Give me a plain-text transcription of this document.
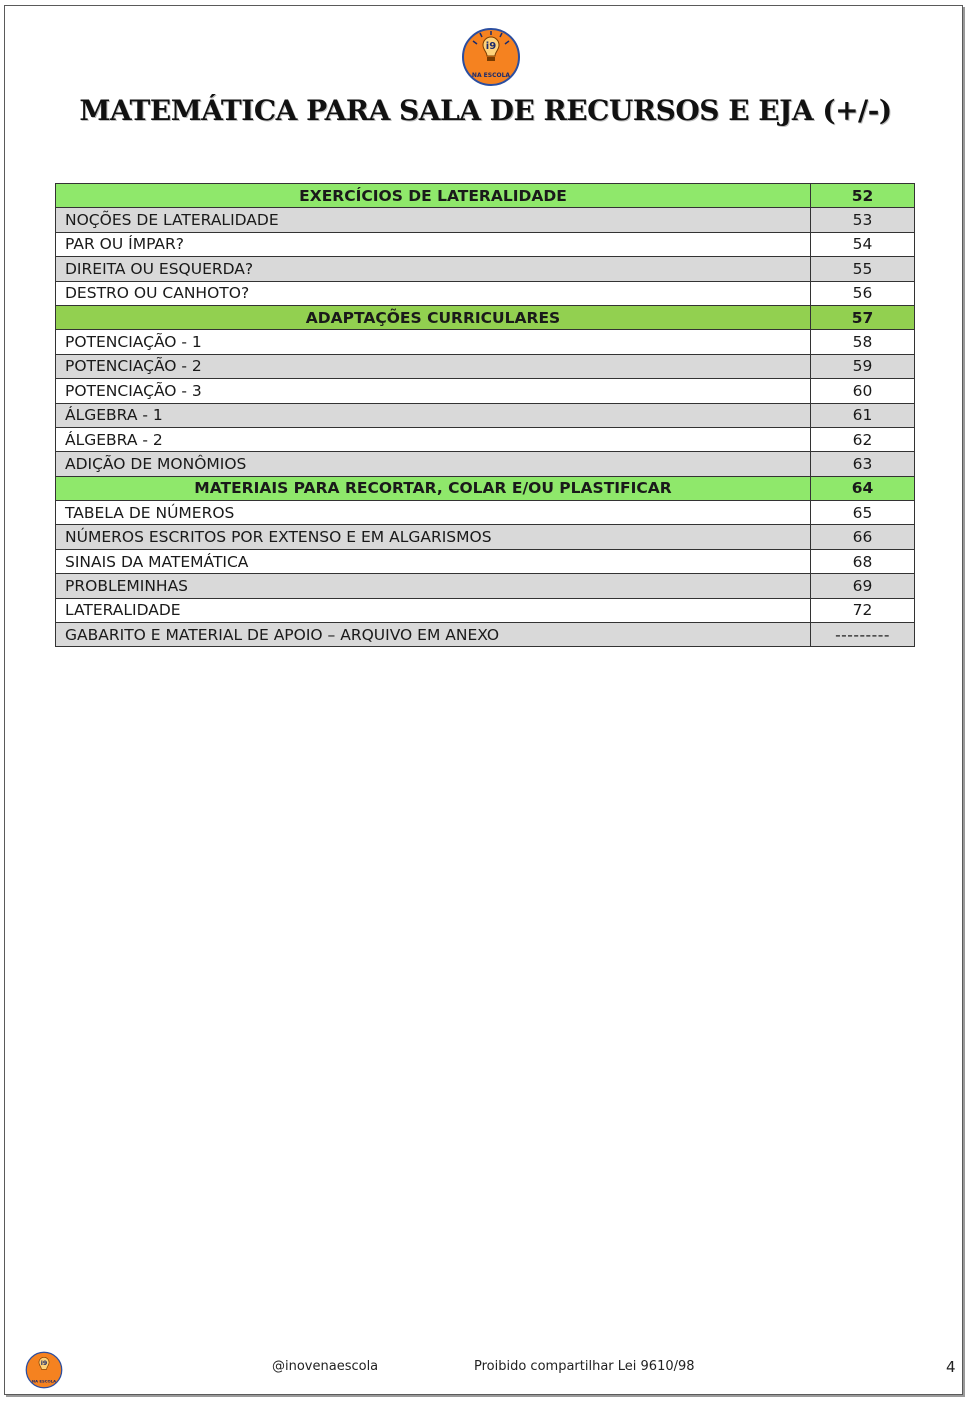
i9
NA ESCOLA
MATEMÁTICA PARA SALA DE RECURSOS E EJA (+/-)
EXERCÍCIOS DE LATERALIDADE	52
NOÇÕES DE LATERALIDADE	53
PAR OU ÍMPAR?	54
DIREITA OU ESQUERDA?	55
DESTRO OU CANHOTO?	56
ADAPTAÇÕES CURRICULARES	57
POTENCIAÇÃO - 1	58
POTENCIAÇÃO - 2	59
POTENCIAÇÃO - 3	60
ÁLGEBRA - 1	61
ÁLGEBRA - 2	62
ADIÇÃO DE MONÔMIOS	63
MATERIAIS PARA RECORTAR, COLAR E/OU PLASTIFICAR	64
TABELA DE NÚMEROS	65
NÚMEROS ESCRITOS POR EXTENSO E EM ALGARISMOS	66
SINAIS DA MATEMÁTICA	68
PROBLEMINHAS	69
LATERALIDADE	72
GABARITO E MATERIAL DE APOIO – ARQUIVO EM ANEXO	---------
i9
NA ESCOLA
@inovenaescola	Proibido compartilhar Lei 9610/98	4
